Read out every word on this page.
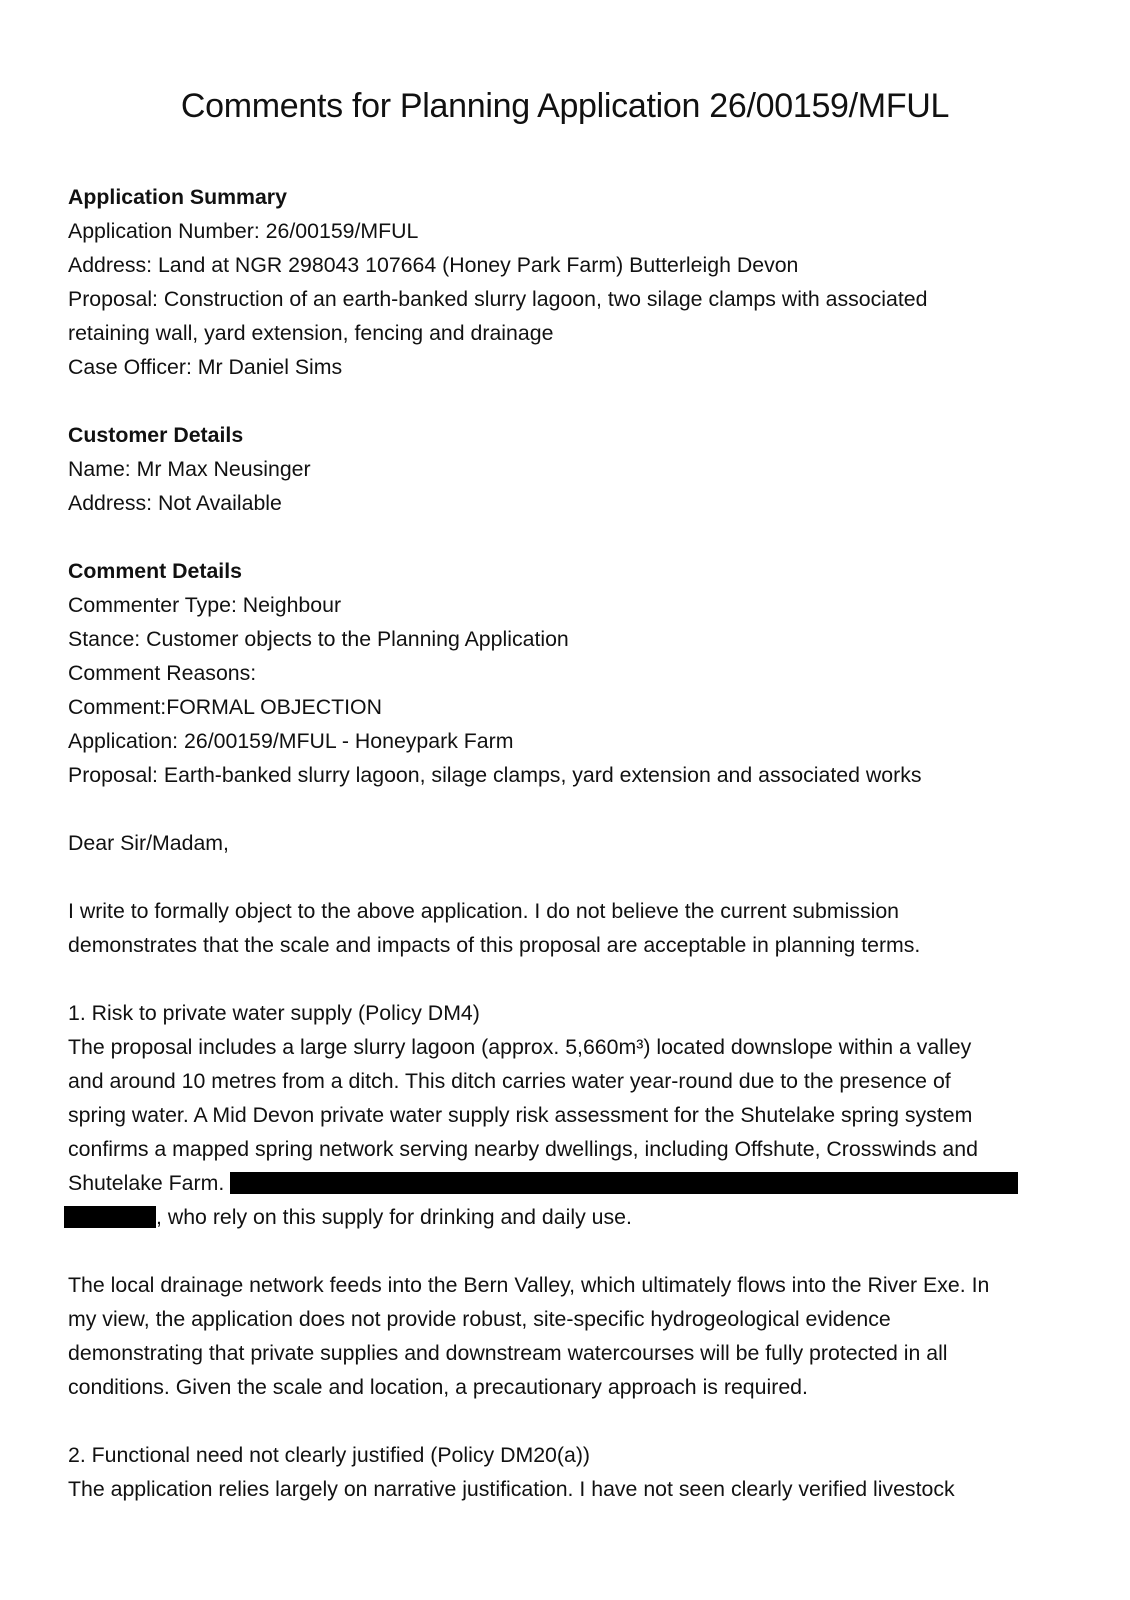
Comments for Planning Application 26/00159/MFUL
Application Summary
Application Number: 26/00159/MFUL
Address: Land at NGR 298043 107664 (Honey Park Farm) Butterleigh Devon
Proposal: Construction of an earth-banked slurry lagoon, two silage clamps with associated
retaining wall, yard extension, fencing and drainage
Case Officer: Mr Daniel Sims
Customer Details
Name: Mr Max Neusinger
Address: Not Available
Comment Details
Commenter Type: Neighbour
Stance: Customer objects to the Planning Application
Comment Reasons:
Comment:FORMAL OBJECTION
Application: 26/00159/MFUL - Honeypark Farm
Proposal: Earth-banked slurry lagoon, silage clamps, yard extension and associated works
Dear Sir/Madam,
I write to formally object to the above application. I do not believe the current submission
demonstrates that the scale and impacts of this proposal are acceptable in planning terms.
1. Risk to private water supply (Policy DM4)
The proposal includes a large slurry lagoon (approx. 5,660m³) located downslope within a valley
and around 10 metres from a ditch. This ditch carries water year-round due to the presence of
spring water. A Mid Devon private water supply risk assessment for the Shutelake spring system
confirms a mapped spring network serving nearby dwellings, including Offshute, Crosswinds and
Shutelake Farm.
, who rely on this supply for drinking and daily use.
The local drainage network feeds into the Bern Valley, which ultimately flows into the River Exe. In
my view, the application does not provide robust, site-specific hydrogeological evidence
demonstrating that private supplies and downstream watercourses will be fully protected in all
conditions. Given the scale and location, a precautionary approach is required.
2. Functional need not clearly justified (Policy DM20(a))
The application relies largely on narrative justification. I have not seen clearly verified livestock
